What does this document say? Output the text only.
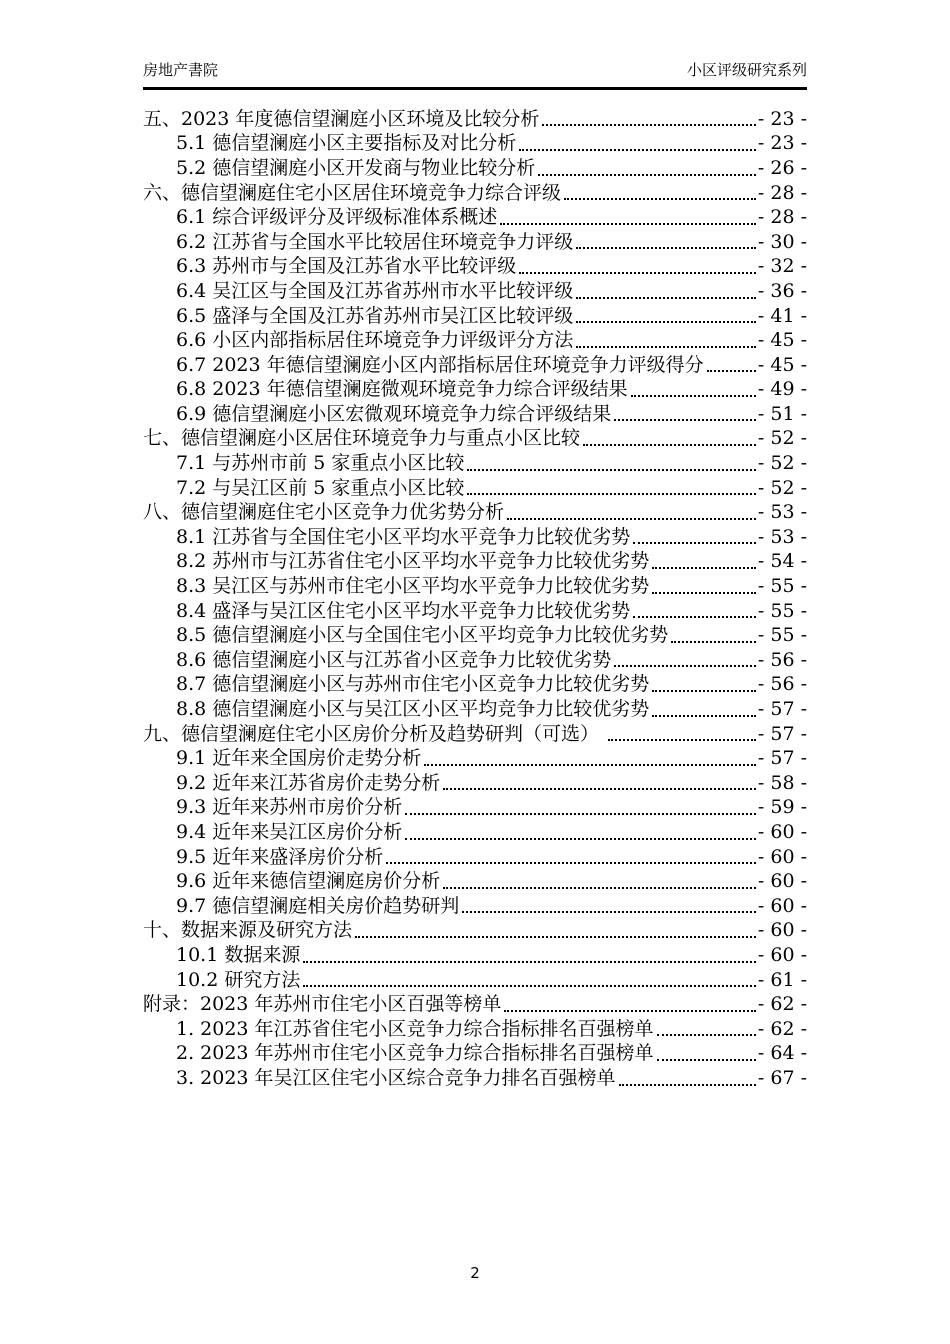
房地产書院	小区评级研究系列
五、2023 年度德信望澜庭小区环境及比较分析	- 23 -
5.1 德信望澜庭小区主要指标及对比分析	- 23 -
5.2 德信望澜庭小区开发商与物业比较分析	- 26 -
六、德信望澜庭住宅小区居住环境竞争力综合评级	- 28 -
6.1 综合评级评分及评级标准体系概述	- 28 -
6.2 江苏省与全国水平比较居住环境竞争力评级	- 30 -
6.3 苏州市与全国及江苏省水平比较评级	- 32 -
6.4 吴江区与全国及江苏省苏州市水平比较评级	- 36 -
6.5 盛泽与全国及江苏省苏州市吴江区比较评级	- 41 -
6.6 小区内部指标居住环境竞争力评级评分方法	- 45 -
6.7 2023 年德信望澜庭小区内部指标居住环境竞争力评级得分	- 45 -
6.8 2023 年德信望澜庭微观环境竞争力综合评级结果	- 49 -
6.9 德信望澜庭小区宏微观环境竞争力综合评级结果	- 51 -
七、德信望澜庭小区居住环境竞争力与重点小区比较	- 52 -
7.1 与苏州市前 5 家重点小区比较	- 52 -
7.2 与吴江区前 5 家重点小区比较	- 52 -
八、德信望澜庭住宅小区竞争力优劣势分析	- 53 -
8.1 江苏省与全国住宅小区平均水平竞争力比较优劣势	- 53 -
8.2 苏州市与江苏省住宅小区平均水平竞争力比较优劣势	- 54 -
8.3 吴江区与苏州市住宅小区平均水平竞争力比较优劣势	- 55 -
8.4 盛泽与吴江区住宅小区平均水平竞争力比较优劣势	- 55 -
8.5 德信望澜庭小区与全国住宅小区平均竞争力比较优劣势	- 55 -
8.6 德信望澜庭小区与江苏省小区竞争力比较优劣势	- 56 -
8.7 德信望澜庭小区与苏州市住宅小区竞争力比较优劣势	- 56 -
8.8 德信望澜庭小区与吴江区小区平均竞争力比较优劣势	- 57 -
九、德信望澜庭住宅小区房价分析及趋势研判（可选）	- 57 -
9.1 近年来全国房价走势分析	- 57 -
9.2 近年来江苏省房价走势分析	- 58 -
9.3 近年来苏州市房价分析	- 59 -
9.4 近年来吴江区房价分析	- 60 -
9.5 近年来盛泽房价分析	- 60 -
9.6 近年来德信望澜庭房价分析	- 60 -
9.7 德信望澜庭相关房价趋势研判	- 60 -
十、数据来源及研究方法	- 60 -
10.1 数据来源	- 60 -
10.2 研究方法	- 61 -
附录：2023 年苏州市住宅小区百强等榜单	- 62 -
1. 2023 年江苏省住宅小区竞争力综合指标排名百强榜单	- 62 -
2. 2023 年苏州市住宅小区竞争力综合指标排名百强榜单	- 64 -
3. 2023 年吴江区住宅小区综合竞争力排名百强榜单	- 67 -
2
